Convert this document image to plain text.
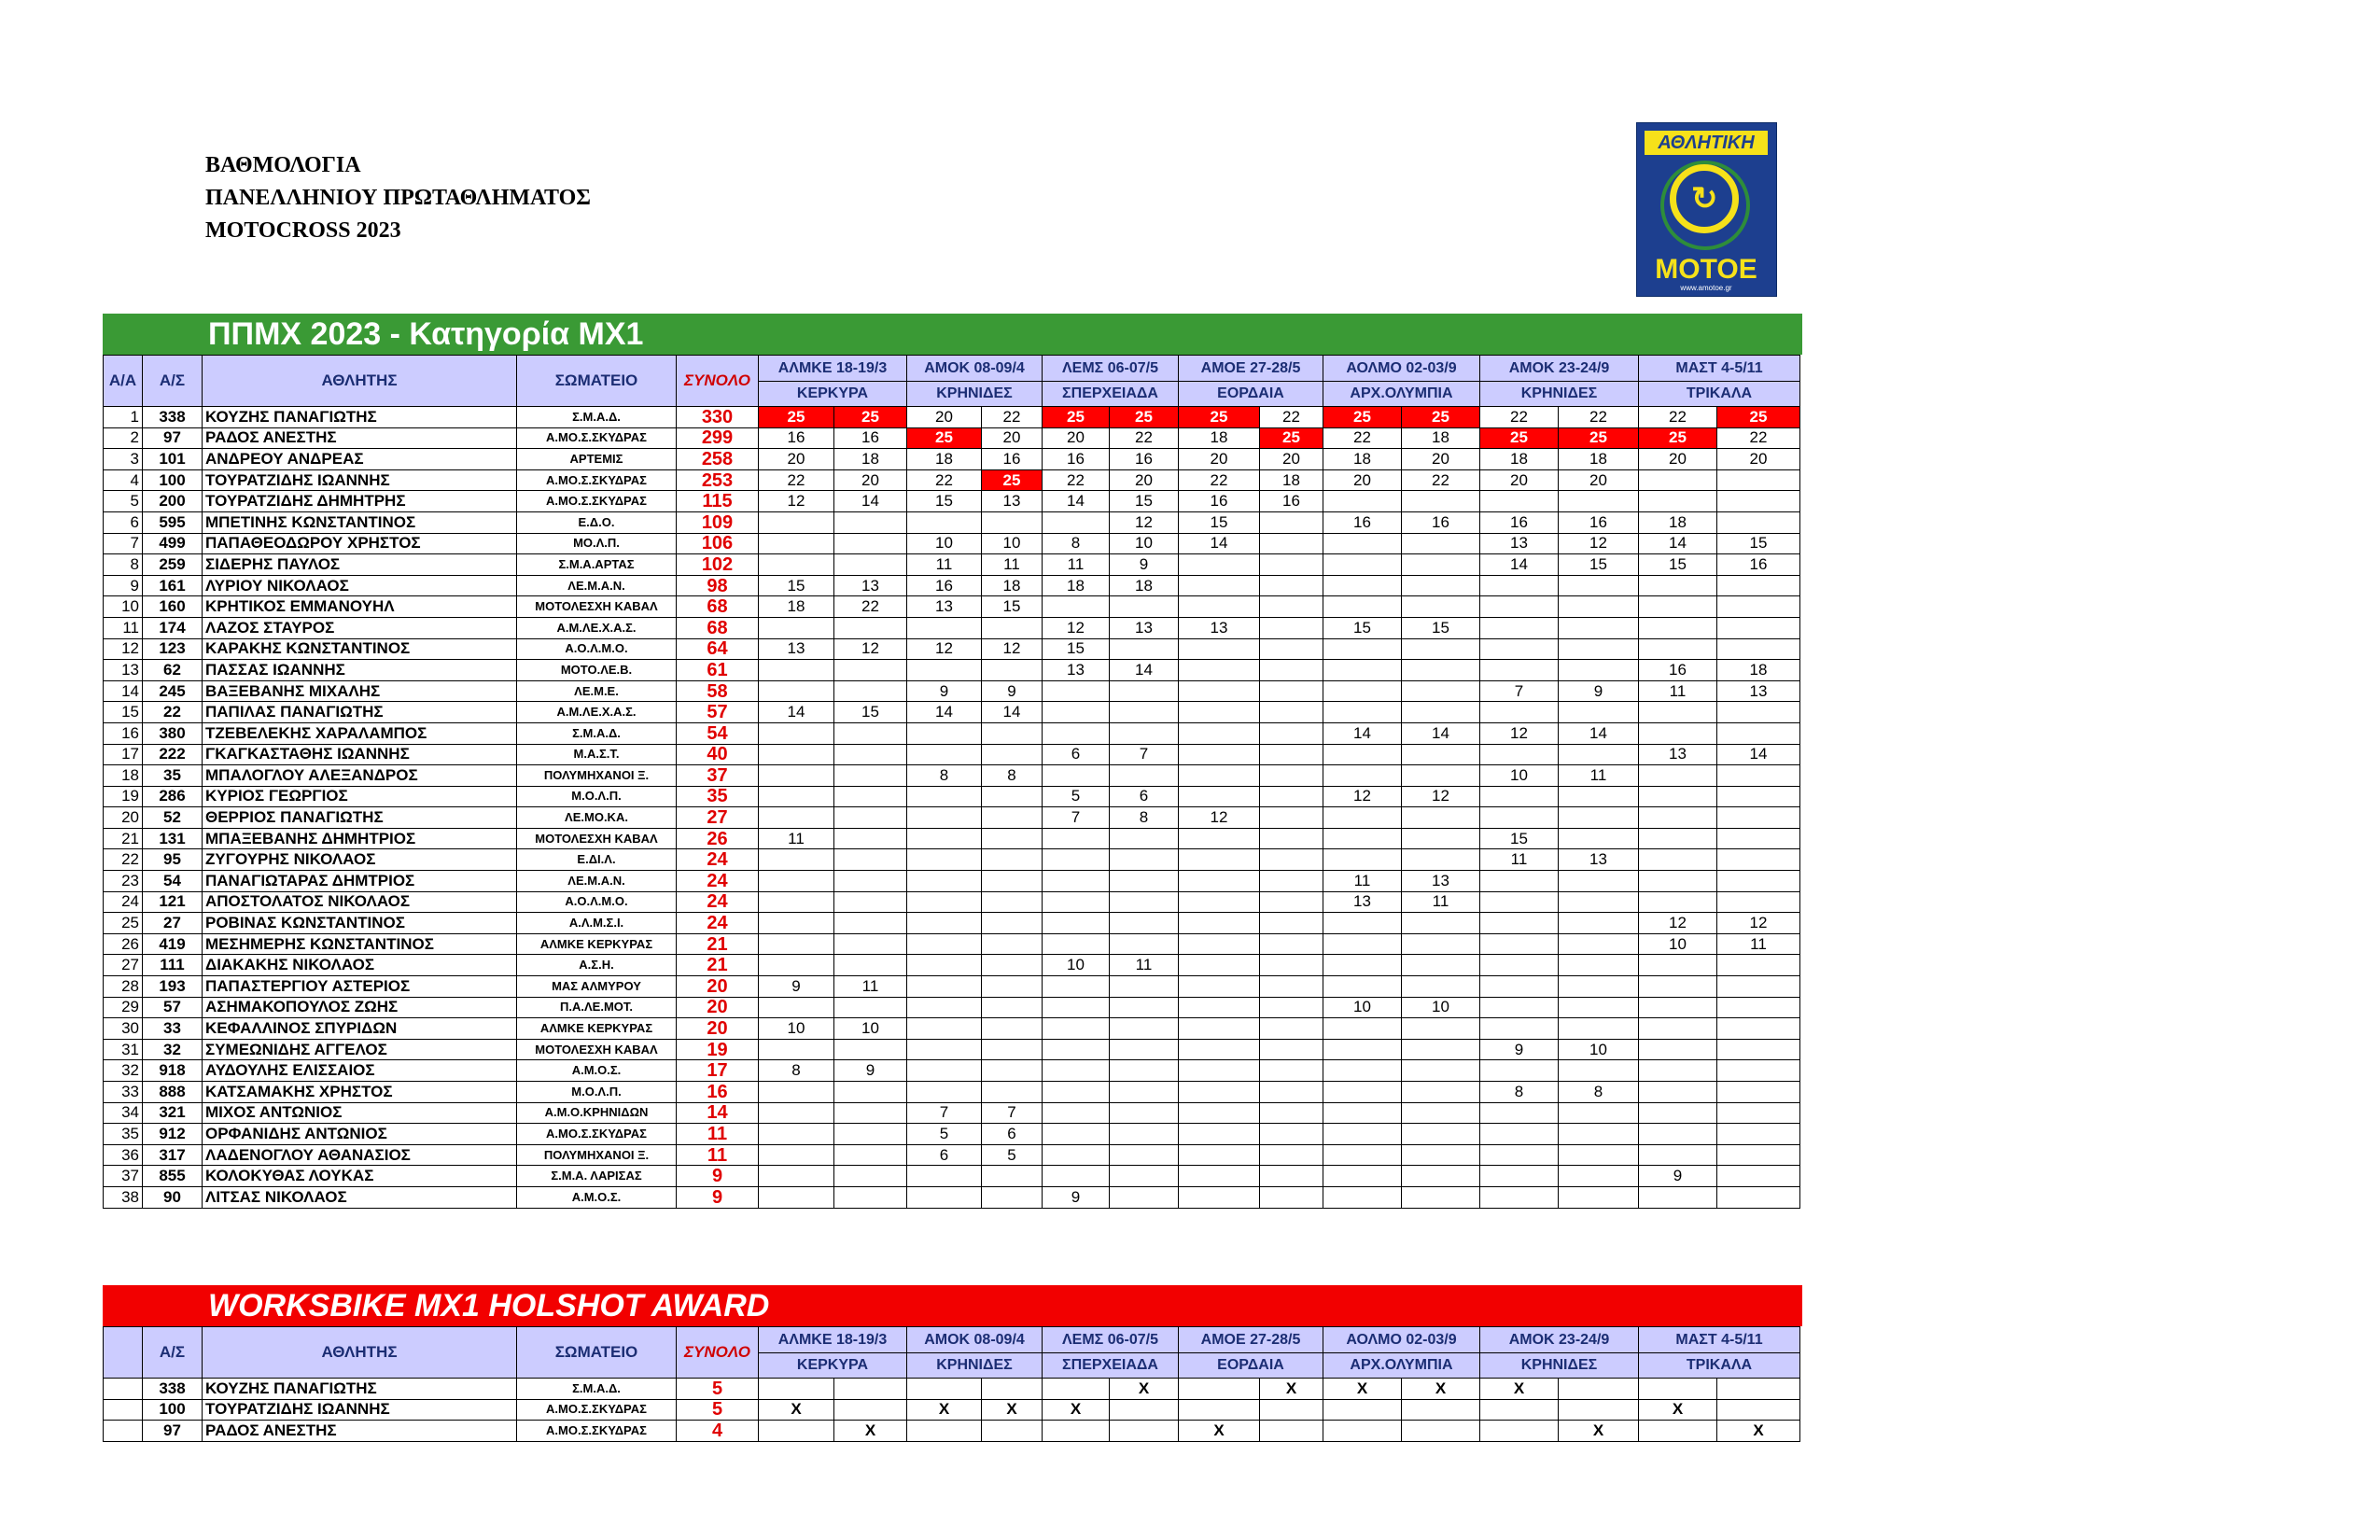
ΒΑΘΜΟΛΟΓΙΑ
ΠΑΝΕΛΛΗΝΙΟΥ ΠΡΩΤΑΘΛΗΜΑΤΟΣ
MOTOCROSS 2023
ΑΘΛΗΤΙΚΗ
↻
ΜΟΤΟΕ
www.amotoe.gr
ΠΠΜΧ 2023 - Κατηγορία ΜΧ1
Α/Α	Α/Σ	ΑΘΛΗΤΗΣ	ΣΩΜΑΤΕΙΟ	ΣΥΝΟΛΟ	ΑΛΜΚΕ 18-19/3		ΑΜΟΚ 08-09/4		ΛΕΜΣ 06-07/5		ΑΜΟΕ 27-28/5		ΑΟΛΜΟ 02-03/9		ΑΜΟΚ 23-24/9		ΜΑΣΤ 4-5/11	
					ΚΕΡΚΥΡΑ		ΚΡΗΝΙΔΕΣ		ΣΠΕΡΧΕΙΑΔΑ		ΕΟΡΔΑΙΑ		ΑΡΧ.ΟΛΥΜΠΙΑ		ΚΡΗΝΙΔΕΣ		ΤΡΙΚΑΛΑ	
1	338	ΚΟΥΖΗΣ ΠΑΝΑΓΙΩΤΗΣ	Σ.Μ.Α.Δ.	330	25	25	20	22	25	25	25	22	25	25	22	22	22	25
2	97	ΡΑΔΟΣ ΑΝΕΣΤΗΣ	Α.ΜΟ.Σ.ΣΚΥΔΡΑΣ	299	16	16	25	20	20	22	18	25	22	18	25	25	25	22
3	101	ΑΝΔΡΕΟΥ ΑΝΔΡΕΑΣ	ΑΡΤΕΜΙΣ	258	20	18	18	16	16	16	20	20	18	20	18	18	20	20
4	100	ΤΟΥΡΑΤΖΙΔΗΣ ΙΩΑΝΝΗΣ	Α.ΜΟ.Σ.ΣΚΥΔΡΑΣ	253	22	20	22	25	22	20	22	18	20	22	20	20		
5	200	ΤΟΥΡΑΤΖΙΔΗΣ ΔΗΜΗΤΡΗΣ	Α.ΜΟ.Σ.ΣΚΥΔΡΑΣ	115	12	14	15	13	14	15	16	16						
6	595	ΜΠΕΤΙΝΗΣ ΚΩΝΣΤΑΝΤΙΝΟΣ	Ε.Δ.Ο.	109						12	15		16	16	16	16	18	
7	499	ΠΑΠΑΘΕΟΔΩΡΟΥ ΧΡΗΣΤΟΣ	ΜΟ.Λ.Π.	106			10	10	8	10	14				13	12	14	15
8	259	ΣΙΔΕΡΗΣ ΠΑΥΛΟΣ	Σ.Μ.Α.ΑΡΤΑΣ	102			11	11	11	9					14	15	15	16
9	161	ΛΥΡΙΟΥ ΝΙΚΟΛΑΟΣ	ΛΕ.Μ.Α.Ν.	98	15	13	16	18	18	18								
10	160	ΚΡΗΤΙΚΟΣ ΕΜΜΑΝΟΥΗΛ	ΜΟΤΟΛΕΣΧΗ ΚΑΒΑΛ	68	18	22	13	15										
11	174	ΛΑΖΟΣ ΣΤΑΥΡΟΣ	Α.Μ.ΛΕ.Χ.Α.Σ.	68					12	13	13		15	15				
12	123	ΚΑΡΑΚΗΣ ΚΩΝΣΤΑΝΤΙΝΟΣ	Α.Ο.Λ.Μ.Ο.	64	13	12	12	12	15									
13	62	ΠΑΣΣΑΣ ΙΩΑΝΝΗΣ	ΜΟΤΟ.ΛΕ.Β.	61					13	14							16	18
14	245	ΒΑΞΕΒΑΝΗΣ ΜΙΧΑΛΗΣ	ΛΕ.Μ.Ε.	58			9	9							7	9	11	13
15	22	ΠΑΠΙΛΑΣ ΠΑΝΑΓΙΩΤΗΣ	Α.Μ.ΛΕ.Χ.Α.Σ.	57	14	15	14	14										
16	380	ΤΖΕΒΕΛΕΚΗΣ ΧΑΡΑΛΑΜΠΟΣ	Σ.Μ.Α.Δ.	54									14	14	12	14		
17	222	ΓΚΑΓΚΑΣΤΑΘΗΣ ΙΩΑΝΝΗΣ	Μ.Α.Σ.Τ.	40					6	7							13	14
18	35	ΜΠΑΛΟΓΛΟΥ ΑΛΕΞΑΝΔΡΟΣ	ΠΟΛΥΜΗΧΑΝΟΙ Ξ.	37			8	8							10	11		
19	286	ΚΥΡΙΟΣ ΓΕΩΡΓΙΟΣ	Μ.Ο.Λ.Π.	35					5	6			12	12				
20	52	ΘΕΡΡΙΟΣ ΠΑΝΑΓΙΩΤΗΣ	ΛΕ.ΜΟ.ΚΑ.	27					7	8	12							
21	131	ΜΠΑΞΕΒΑΝΗΣ ΔΗΜΗΤΡΙΟΣ	ΜΟΤΟΛΕΣΧΗ ΚΑΒΑΛ	26	11										15			
22	95	ΖΥΓΟΥΡΗΣ ΝΙΚΟΛΑΟΣ	Ε.ΔΙ.Λ.	24											11	13		
23	54	ΠΑΝΑΓΙΩΤΑΡΑΣ ΔΗΜΤΡΙΟΣ	ΛΕ.Μ.Α.Ν.	24									11	13				
24	121	ΑΠΟΣΤΟΛΑΤΟΣ ΝΙΚΟΛΑΟΣ	Α.Ο.Λ.Μ.Ο.	24									13	11				
25	27	ΡΟΒΙΝΑΣ ΚΩΝΣΤΑΝΤΙΝΟΣ	Α.Λ.Μ.Σ.Ι.	24													12	12
26	419	ΜΕΣΗΜΕΡΗΣ ΚΩΝΣΤΑΝΤΙΝΟΣ	ΑΛΜΚΕ ΚΕΡΚΥΡΑΣ	21													10	11
27	111	ΔΙΑΚΑΚΗΣ ΝΙΚΟΛΑΟΣ	Α.Σ.Η.	21					10	11								
28	193	ΠΑΠΑΣΤΕΡΓΙΟΥ ΑΣΤΕΡΙΟΣ	ΜΑΣ ΑΛΜΥΡΟΥ	20	9	11												
29	57	ΑΣΗΜΑΚΟΠΟΥΛΟΣ ΖΩΗΣ	Π.Α.ΛΕ.ΜΟΤ.	20									10	10				
30	33	ΚΕΦΑΛΛΙΝΟΣ ΣΠΥΡΙΔΩΝ	ΑΛΜΚΕ ΚΕΡΚΥΡΑΣ	20	10	10												
31	32	ΣΥΜΕΩΝΙΔΗΣ ΑΓΓΕΛΟΣ	ΜΟΤΟΛΕΣΧΗ ΚΑΒΑΛ	19											9	10		
32	918	ΑΥΔΟΥΛΗΣ ΕΛΙΣΣΑΙΟΣ	Α.Μ.Ο.Σ.	17	8	9												
33	888	ΚΑΤΣΑΜΑΚΗΣ ΧΡΗΣΤΟΣ	Μ.Ο.Λ.Π.	16											8	8		
34	321	ΜΙΧΟΣ ΑΝΤΩΝΙΟΣ	Α.Μ.Ο.ΚΡΗΝΙΔΩΝ	14			7	7										
35	912	ΟΡΦΑΝΙΔΗΣ ΑΝΤΩΝΙΟΣ	Α.ΜΟ.Σ.ΣΚΥΔΡΑΣ	11			5	6										
36	317	ΛΑΔΕΝΟΓΛΟΥ ΑΘΑΝΑΣΙΟΣ	ΠΟΛΥΜΗΧΑΝΟΙ Ξ.	11			6	5										
37	855	ΚΟΛΟΚΥΘΑΣ ΛΟΥΚΑΣ	Σ.Μ.Α. ΛΑΡΙΣΑΣ	9													9	
38	90	ΛΙΤΣΑΣ ΝΙΚΟΛΑΟΣ	Α.Μ.Ο.Σ.	9					9									
WORKSBIKE MX1 HOLSHOT AWARD
	Α/Σ	ΑΘΛΗΤΗΣ	ΣΩΜΑΤΕΙΟ	ΣΥΝΟΛΟ	ΑΛΜΚΕ 18-19/3		ΑΜΟΚ 08-09/4		ΛΕΜΣ 06-07/5		ΑΜΟΕ 27-28/5		ΑΟΛΜΟ 02-03/9		ΑΜΟΚ 23-24/9		ΜΑΣΤ 4-5/11	
					ΚΕΡΚΥΡΑ		ΚΡΗΝΙΔΕΣ		ΣΠΕΡΧΕΙΑΔΑ		ΕΟΡΔΑΙΑ		ΑΡΧ.ΟΛΥΜΠΙΑ		ΚΡΗΝΙΔΕΣ		ΤΡΙΚΑΛΑ	
	338	ΚΟΥΖΗΣ ΠΑΝΑΓΙΩΤΗΣ	Σ.Μ.Α.Δ.	5						X		X	X	X	X			
	100	ΤΟΥΡΑΤΖΙΔΗΣ ΙΩΑΝΝΗΣ	Α.ΜΟ.Σ.ΣΚΥΔΡΑΣ	5	X		X	X	X								X	
	97	ΡΑΔΟΣ ΑΝΕΣΤΗΣ	Α.ΜΟ.Σ.ΣΚΥΔΡΑΣ	4		X					X					X		X
